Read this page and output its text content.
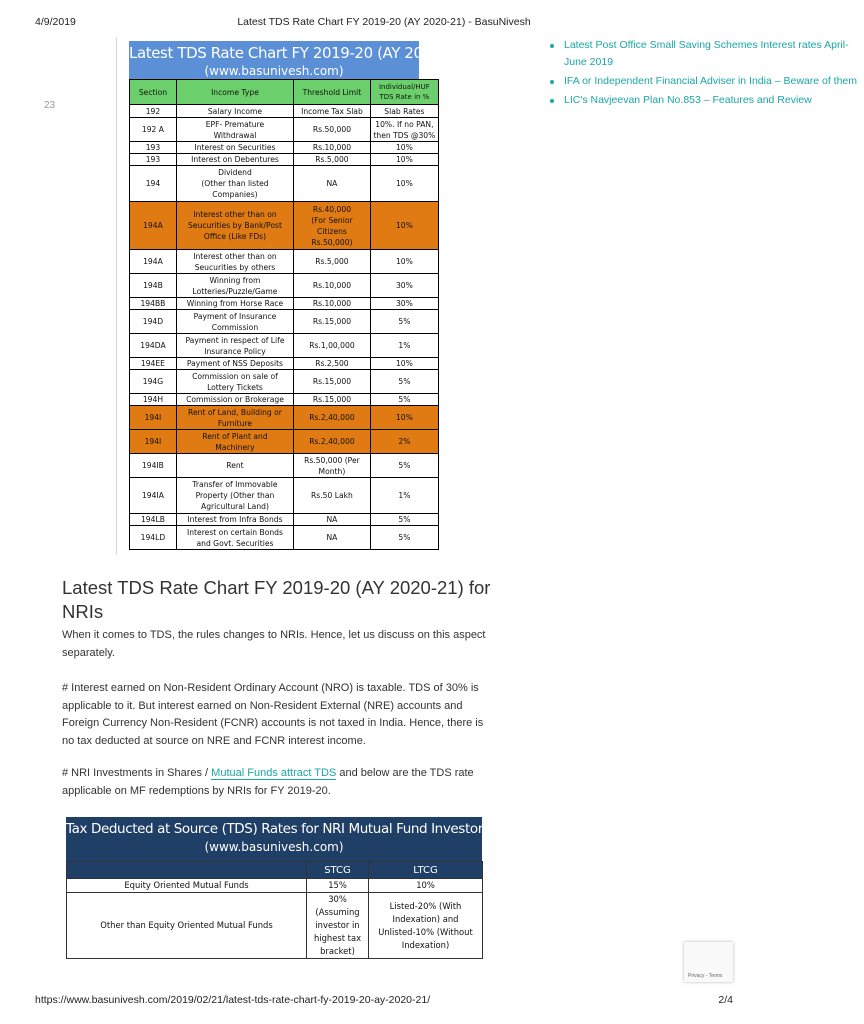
4/9/2019	Latest TDS Rate Chart FY 2019-20 (AY 2020-21) - BasuNivesh
23
Latest TDS Rate Chart FY 2019-20 (AY 2020-21)
(www.basunivesh.com)
Section	Income Type	Threshold Limit	Individual/HUF TDS Rate in %
192	Salary Income	Income Tax Slab	Slab Rates
192 A	EPF- Premature
Withdrawal	Rs.50,000	10%. If no PAN,
then TDS @30%
193	Interest on Securities	Rs.10,000	10%
193	Interest on Debentures	Rs.5,000	10%
194	Dividend
(Other than listed
Companies)	NA	10%
194A	Interest other than on
Seucurities by Bank/Post
Office (Like FDs)	Rs.40,000
(For Senior
Citizens
Rs.50,000)	10%
194A	Interest other than on
Seucurities by others	Rs.5,000	10%
194B	Winning from
Lotteries/Puzzle/Game	Rs.10,000	30%
194BB	Winning from Horse Race	Rs.10,000	30%
194D	Payment of Insurance
Commission	Rs.15,000	5%
194DA	Payment in respect of Life
Insurance Policy	Rs.1,00,000	1%
194EE	Payment of NSS Deposits	Rs.2,500	10%
194G	Commission on sale of
Lottery Tickets	Rs.15,000	5%
194H	Commission or Brokerage	Rs.15,000	5%
194I	Rent of Land, Building or
Furniture	Rs.2,40,000	10%
194I	Rent of Plant and
Machinery	Rs.2,40,000	2%
194IB	Rent	Rs.50,000 (Per
Month)	5%
194IA	Transfer of Immovable
Property (Other than
Agricultural Land)	Rs.50 Lakh	1%
194LB	Interest from Infra Bonds	NA	5%
194LD	Interest on certain Bonds
and Govt. Securities	NA	5%
Latest Post Office Small Saving Schemes Interest rates April-June 2019
IFA or Independent Financial Adviser in India – Beware of them
LIC's Navjeevan Plan No.853 – Features and Review
Latest TDS Rate Chart FY 2019-20 (AY 2020-21) for NRIs

When it comes to TDS, the rules changes to NRIs. Hence, let us discuss on this aspect separately.

# Interest earned on Non-Resident Ordinary Account (NRO) is taxable. TDS of 30% is applicable to it. But interest earned on Non-Resident External (NRE) accounts and Foreign Currency Non-Resident (FCNR) accounts is not taxed in India. Hence, there is no tax deducted at source on NRE and FCNR interest income.

# NRI Investments in Shares / Mutual Funds attract TDS and below are the TDS rate applicable on MF redemptions by NRIs for FY 2019-20.

Tax Deducted at Source (TDS) Rates for NRI Mutual Fund Investors for 2019-20
(www.basunivesh.com)
	STCG	LTCG
Equity Oriented Mutual Funds	15%	10%
Other than Equity Oriented Mutual Funds	30% (Assuming
investor in
highest tax
bracket)	Listed-20% (With
Indexation) and
Unlisted-10% (Without
Indexation)
Privacy - Terms
https://www.basunivesh.com/2019/02/21/latest-tds-rate-chart-fy-2019-20-ay-2020-21/	2/4
